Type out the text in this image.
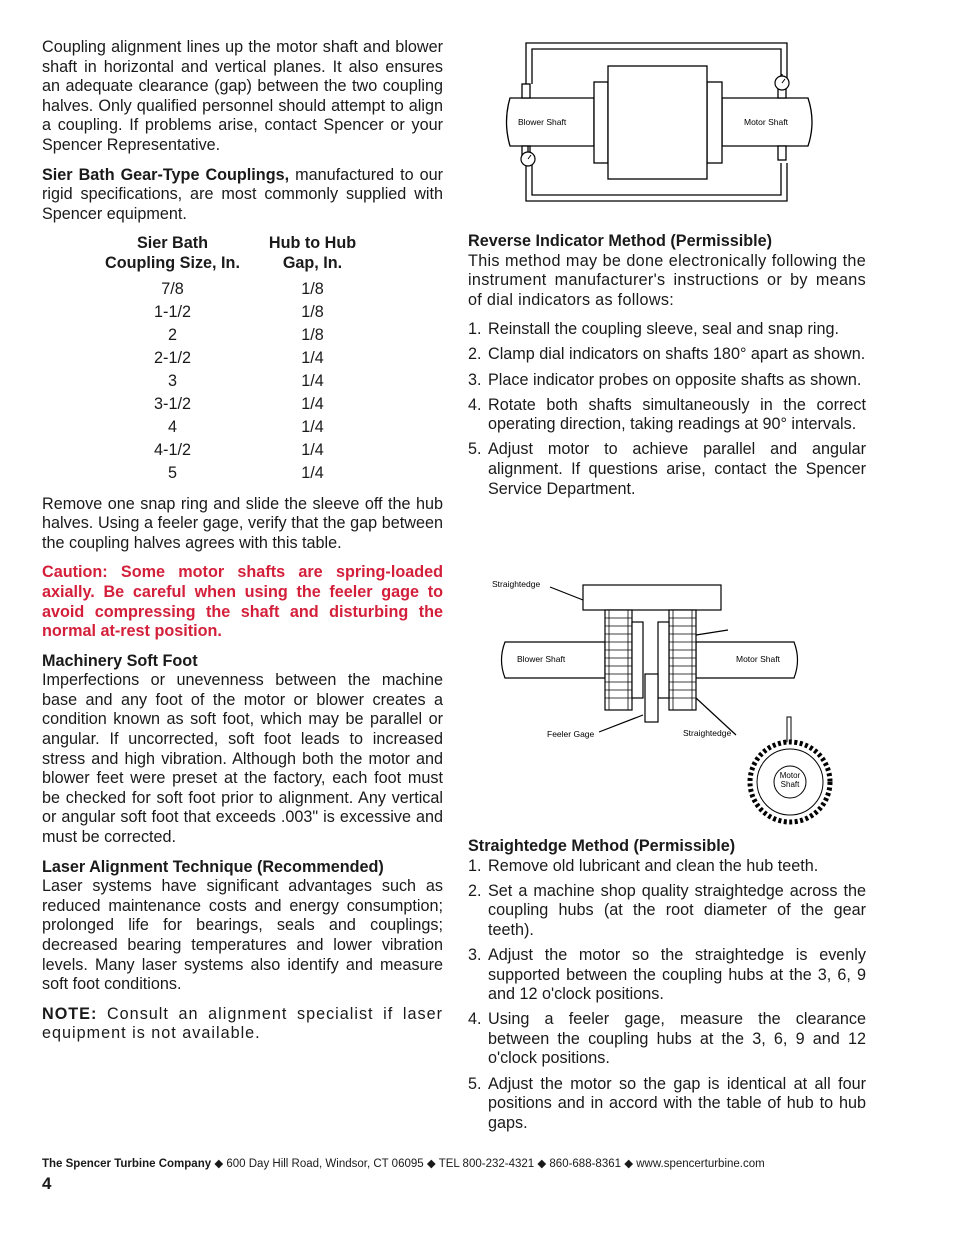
Coupling alignment lines up the motor shaft and blower shaft in horizontal and vertical planes. It also ensures an adequate clearance (gap) between the two coupling halves. Only qualified personnel should attempt to align a coupling. If problems arise, contact Spencer or your Spencer Representative.

Sier Bath Gear-Type Couplings, manufactured to our rigid specifications, are most commonly supplied with Spencer equipment.

Sier Bath
Coupling Size, In.	Hub to Hub
Gap, In.
7/8	1/8
1-1/2	1/8
2	1/8
2-1/2	1/4
3	1/4
3-1/2	1/4
4	1/4
4-1/2	1/4
5	1/4

Remove one snap ring and slide the sleeve off the hub halves. Using a feeler gage, verify that the gap between the coupling halves agrees with this table.

Caution: Some motor shafts are spring-loaded axially. Be careful when using the feeler gage to avoid compressing the shaft and disturbing the normal at-rest position.

Machinery Soft Foot

Imperfections or unevenness between the machine base and any foot of the motor or blower creates a condition known as soft foot, which may be parallel or angular. If uncorrected, soft foot leads to increased stress and high vibration. Although both the motor and blower feet were preset at the factory, each foot must be checked for soft foot prior to alignment. Any vertical or angular soft foot that exceeds .003" is excessive and must be corrected.

Laser Alignment Technique (Recommended)

Laser systems have significant advantages such as reduced maintenance costs and energy consumption; prolonged life for bearings, seals and couplings; decreased bearing temperatures and lower vibration levels. Many laser systems also identify and measure soft foot conditions.

NOTE: Consult an alignment specialist if laser equipment is not available.

Blower Shaft	Motor Shaft
Reverse Indicator Method (Permissible)

This method may be done electronically following the instrument manufacturer's instructions or by means of dial indicators as follows:

1. Reinstall the coupling sleeve, seal and snap ring.
2. Clamp dial indicators on shafts 180° apart as shown.
3. Place indicator probes on opposite shafts as shown.
4. Rotate both shafts simultaneously in the correct operating direction, taking readings at 90° intervals.
5. Adjust motor to achieve parallel and angular alignment. If questions arise, contact the Spencer Service Department.
Straightedge
Blower Shaft	Motor Shaft
Feeler Gage	Straightedge
Motor
Shaft
Straightedge Method (Permissible)
1. Remove old lubricant and clean the hub teeth.
2. Set a machine shop quality straightedge across the coupling hubs (at the root diameter of the gear teeth).
3. Adjust the motor so the straightedge is evenly supported between the coupling hubs at the 3, 6, 9 and 12 o'clock positions.
4. Using a feeler gage, measure the clearance between the coupling hubs at the 3, 6, 9 and 12 o'clock positions.
5. Adjust the motor so the gap is identical at all four positions and in accord with the table of hub to hub gaps.
The Spencer Turbine Company ◆ 600 Day Hill Road, Windsor, CT 06095 ◆ TEL 800-232-4321 ◆ 860-688-8361 ◆ www.spencerturbine.com
4
